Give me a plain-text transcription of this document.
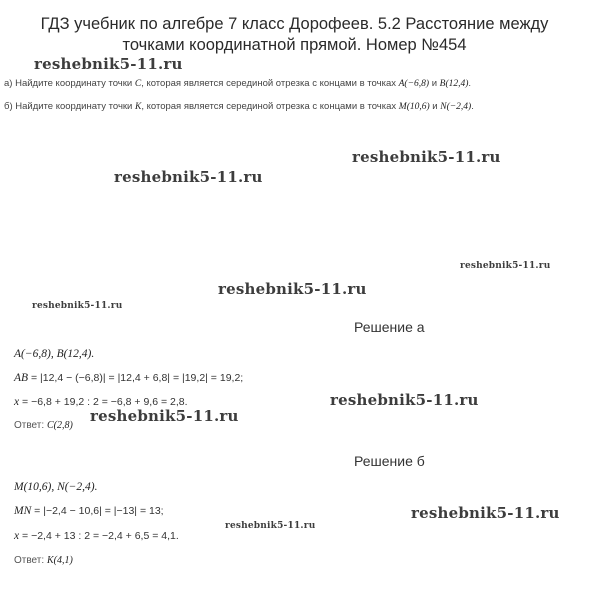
ГДЗ учебник по алгебре 7 класс Дорофеев. 5.2 Расстояние между точками координатной прямой. Номер №454
reshebnik5-11.ru
reshebnik5-11.ru
reshebnik5-11.ru
reshebnik5-11.ru
reshebnik5-11.ru
reshebnik5-11.ru
reshebnik5-11.ru
reshebnik5-11.ru
reshebnik5-11.ru
reshebnik5-11.ru
а) Найдите координату точки C, которая является серединой отрезка с концами в точках A(−6,8) и B(12,4).
б) Найдите координату точки K, которая является серединой отрезка с концами в точках M(10,6) и N(−2,4).
Решение а
A(−6,8), B(12,4).
AB = |12,4 − (−6,8)| = |12,4 + 6,8| = |19,2| = 19,2;
x = −6,8 + 19,2 : 2 = −6,8 + 9,6 = 2,8.
Ответ: C(2,8)
Решение б
M(10,6), N(−2,4).
MN = |−2,4 − 10,6| = |−13| = 13;
x = −2,4 + 13 : 2 = −2,4 + 6,5 = 4,1.
Ответ: K(4,1)
